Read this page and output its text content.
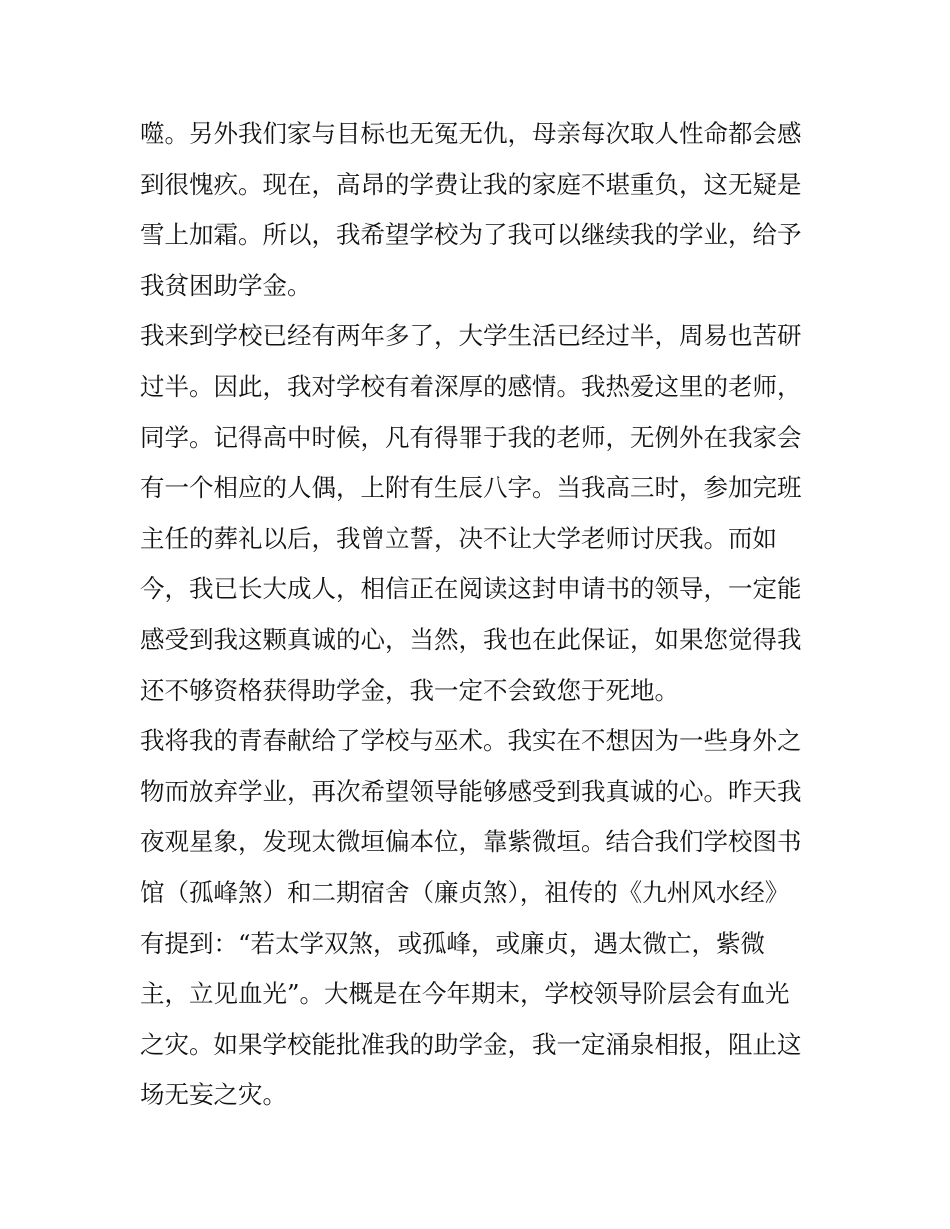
噬。另外我们家与目标也无冤无仇，母亲每次取人性命都会感
到很愧疚。现在，高昂的学费让我的家庭不堪重负，这无疑是
雪上加霜。所以，我希望学校为了我可以继续我的学业，给予
我贫困助学金。
我来到学校已经有两年多了，大学生活已经过半，周易也苦研
过半。因此，我对学校有着深厚的感情。我热爱这里的老师，
同学。记得高中时候，凡有得罪于我的老师，无例外在我家会
有一个相应的人偶，上附有生辰八字。当我高三时，参加完班
主任的葬礼以后，我曾立誓，决不让大学老师讨厌我。而如
今，我已长大成人，相信正在阅读这封申请书的领导，一定能
感受到我这颗真诚的心，当然，我也在此保证，如果您觉得我
还不够资格获得助学金，我一定不会致您于死地。
我将我的青春献给了学校与巫术。我实在不想因为一些身外之
物而放弃学业，再次希望领导能够感受到我真诚的心。昨天我
夜观星象，发现太微垣偏本位，靠紫微垣。结合我们学校图书
馆（孤峰煞）和二期宿舍（廉贞煞），祖传的《九州风水经》
有提到：“若太学双煞，或孤峰，或廉贞，遇太微亡，紫微
主，立见血光”。大概是在今年期末，学校领导阶层会有血光
之灾。如果学校能批准我的助学金，我一定涌泉相报，阻止这
场无妄之灾。
